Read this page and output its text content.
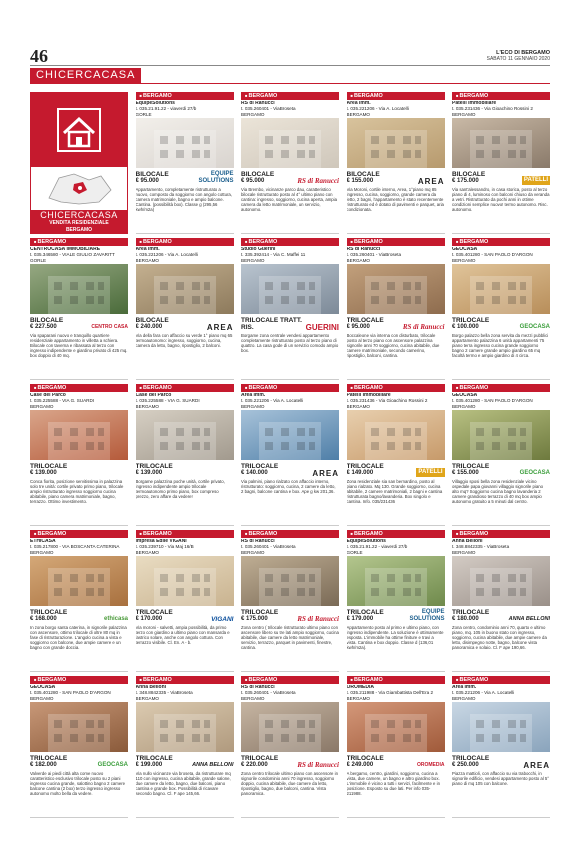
46	L'ECO DI BERGAMO
SABATO 11 GENNAIO 2020
CHICERCACASA
CHICERCACASA
VENDITA RESIDENZIALE
BERGAMO
■ BERGAMO
EquipeSolutions
t. 035.21.91.22 - viaverdi 27/b
GORLE
BILOCALE
€ 95.000
EQUIPE SOLUTIONS
Appartamento, completamente ristrutturato a nuovo, composto da soggiorno con angolo cottura, camera matrimoniale, bagno e ampio balcone. Cantina. (possibilità box). Classe g (295,56 kwh/m2a)
■ BERGAMO
RS di Ranucci
t. 035.260401 - ViaBroseta
BERGAMO
BILOCALE
€ 95.000	RS di Ranucci
Via Brembo, vicinanze parco dau, caratteristico bilocale ristrutturato posto al 4° ultimo piano con cantina: ingresso, soggiorno, cucina aperta, ampia camera da letto matrimoniale, un servizio, autonomo.
■ BERGAMO
Area Imm.
t. 035.221206 - Via A. Locatelli
BERGAMO
BILOCALE
€ 155.000	AREA
Via Moroni, cortile interno, Area, 1°piano mq 85 ingresso, cucina, soggiorno, grande camera da letto, 2 bagni, l'appartamento è stato recentemente ristrutturato ed è dotato di pavimenti e parquet, aria condizionata.
■ BERGAMO
Patelli Immobiliare
t. 035.231436 - Via Gioachino Rossini 2
BERGAMO
BILOCALE
€ 175.000	PATELLI
Via sant'alessandro, in casa storica, posto al terzo piano di 4, luminoso con balconi chiuso da veranda a vetri. Ristrutturato da pochi anni in ottime condizioni semplice nuovo! termo autonomo. Risc. autonomo.
■ BERGAMO
CENTROCASA IMMOBILIARE
t. 035.346580 - VIALE GIULIO ZAVARITT
GORLE
BILOCALE
€ 227.500	CENTRO CASA
Via spaparani nuovo e tranquillo quartiere residenziale appartamento in villetta a schiera. Bilocale con taverna e ribassata al terzo con ingresso indipendente e giardino privato di 425 mq. box doppio di 40 mq.
■ BERGAMO
Area Imm.
t. 035.221206 - Via A. Locatelli
BERGAMO
BILOCALE
€ 240.000	AREA
Via della fara con affaccio su verde 1° piano mq 65 termoautonomo: ingresso, soggiorno, cucina, camera da letto, bagno, ripostiglio, 2 balconi.
■ BERGAMO
Studio Guerini
t. 335.392414 - Via C. Maffei 11
BERGAMO
TRILOCALE TRATT. RIS.	GUERINI
Borgame zona centrale vendesi appartamento completamente ristrutturato posto al terzo piano di quattro. La casa gode di un servizio comodo ampio box.
■ BERGAMO
RS di Ranucci
t. 035.260401 - ViaBroseta
BERGAMO
TRILOCALE
€ 95.000	RS di Ranucci
Boccaleone via interna con disturbato, trilocale posto al terzo piano con ascensore palazzina signorile anni 70 soggiorno, cucina abitabile, due camere matrimoniale, secondo camerino, ripostiglio, balconi, cantina.
■ BERGAMO
GEOCASA
t. 035.401280 - SAN PAOLO D'ARGON
BERGAMO
TRILOCALE
€ 100.000	GEOCASA
Borgo palazzo bella zona servita da mezzi pubblici appartamento palazzina 6 unità appartamenti 75 piano terra ingresso cucina grande soggiorno bagno 2 camere grande ampio giardino 65 mq facoltà termo e ampio giardino di 4 circa.
■ BERGAMO
Case del Parco
t. 035.225588 - VIA G. SUARDI
BERGAMO
TRILOCALE
€ 139.000
Conca fiorita, posizione servitissima in palazzina solo tre unità: cortile privato primo piano, trilocale ampio ristrutturato ingresso soggiorno cucina abitabile, piano camera matrimoniale, bagno, terrazzo. Ottimo investimento.
■ BERGAMO
Case del Parco
t. 035.225588 - VIA G. SUARDI
BERGAMO
TRILOCALE
€ 139.000
Borgame palazzina poche unità, cortile privato, ingresso indipendente ampio trilocale termoautonomo primo piano, box compreso prezzo, zero affare da vedere!
■ BERGAMO
Area Imm.
t. 035.221206 - Via A. Locatelli
BERGAMO
TRILOCALE
€ 140.000	AREA
Via palmini, piano rialzato con affaccio interno, ristrutturato: soggiorno, cucina, 2 camere da letto, 2 bagni, balcone cantina e box. Ape g kw 201,36.
■ BERGAMO
Patelli Immobiliare
t. 035.231436 - Via Gioachino Rossini 2
BERGAMO
TRILOCALE
€ 149.000	PATELLI
Zona residenziale sia san bernardino, posto al piano rialzato. Mq 130. Grande soggiorno, cucina abitabile, 2 camere matrimoniali, 2 bagni e cantina ristrutturata bagno/lavanderia. Box singolo e cantina. Info. 035/231436
■ BERGAMO
GEOCASA
t. 035.401280 - SAN PAOLO D'ARGON
BERGAMO
TRILOCALE
€ 155.000	GEOCASA
Villaggio sposi bella zona residenziale vicino ospedale papa giovanni villaggio signorile piano alto mq? Soggiorno cucina bagno lavanderia 2 camere grandioso terrazzo di 40 mq box ampio autonomo gratuito a 5 minuti dal centro.
■ BERGAMO
ETHICASA
t. 035.217800 - VIA BOSCANTA CATERINA
BERGAMO
TRILOCALE
€ 168.000	ethicasa
In zona borgo santa caterina, in signorile palazzina con ascensore, ottimo trilocale di oltre 80 mq in fase di ristrutturazione. L'angolo cucina a vista e soggiorno con balcone, due ampie camere e un bagno con grande doccia.
■ BERGAMO
Impresa Edile VIGANI
t. 035.239710 - Via Maj 16/B
BERGAMO
TRILOCALE
€ 170.000	VIGANI
Via moroni - salvetti, ampia possibilità, da primo terzo con giardino a ultimo piano con mansarda e lastrico solare, anche con angolo cottura. Con terrazzo visibile. Cl. En. A - b.
■ BERGAMO
RS di Ranucci
t. 035.260401 - ViaBroseta
BERGAMO
TRILOCALE
€ 175.000	RS di Ranucci
Zona centro ( trilocale ristrutturato ultimo piano con ascensore libero su tre lati ampio soggiorno, cucina abitabile, due camere da letto matrimoniale, servizio, terrazzo, parquet in pavimenti, finestre, cantina.
■ BERGAMO
EquipeSolutions
t. 035.21.91.22 - viaverdi 27/b
GORLE
TRILOCALE
€ 179.000
EQUIPE SOLUTIONS
Appartamento posto al primo e ultimo piano, con ingresso indipendente. La soluzione è ottimamente esposta. L'immobile ha ottime finiture e travi a vista. Cantina e box doppio. Classe d (136,01 kwh/m2a).
■ BERGAMO
Anna Belloni
t. 348.8842335 - ViaBroseta
BERGAMO
TRILOCALE
€ 180.000	ANNA BELLONI
Zona centro, condominio anni 70, quarto e ultimo piano, mq. 105 in buono stato con ingresso, soggiorno, cucina abitabile, due ampie camere da letto, disimpegno notte, bagno, balcone vista panoramica e solaio. Cl. F ape 190,66.
■ BERGAMO
GEOCASA
t. 035.401280 - SAN PAOLO D'ARGON
BERGAMO
TRILOCALE
€ 182.000	GEOCASA
Valverde ai piedi città alta come nuovo caratteristico esclusivo trilocale posto su 2 piani ingresso cucina grande, salottino bagno 2 camere balcone cantina (2 box) terzo ingresso ingresso autonomo molto bella da vedere.
■ BERGAMO
Anna Belloni
t. 348.8842335 - ViaBroseta
BERGAMO
TRILOCALE
€ 199.000	ANNA BELLONI
Via nullo vicinanze via broseta, da ristrutturare mq 110 con ingresso, cucina abitabile, grande salone, due camere da letto, bagno, due balconi, piano cantina e grande box. Possibilità di ricavare secondo bagno. Cl. F ape 145,66.
■ BERGAMO
RS di Ranucci
t. 035.260401 - ViaBroseta
BERGAMO
TRILOCALE
€ 220.000	RS di Ranucci
Zona centro trilocale ultimo piano con ascensore in signorile condominio anni 70 ingresso, soggiorno doppio, cucina abitabile, due camere da letto, ripostiglio, bagno, due balconi, cantina. Vista panoramica.
■ BERGAMO
OROMEDIA
t. 035.211988 - Via Giambattista Dell'Era 2
BERGAMO
TRILOCALE
€ 249.000	OROMEDIA
A bergamo, centro, giardini, soggiorno, cucina a vista, due camere, un bagno e altro giardino box. L'immobile è vicino a tutti i servizi, facilmente e in posizione. Esposto su due lati. Per info 035-211988.
■ BERGAMO
Area Imm.
t. 035.221206 - Via A. Locatelli
BERGAMO
TRILOCALE
€ 250.000	AREA
Piazza mattioli, con affaccio su via trabocchi, in signorile edificio, vendesi appartamento posto al 5° piano di mq 105 con balcone.
